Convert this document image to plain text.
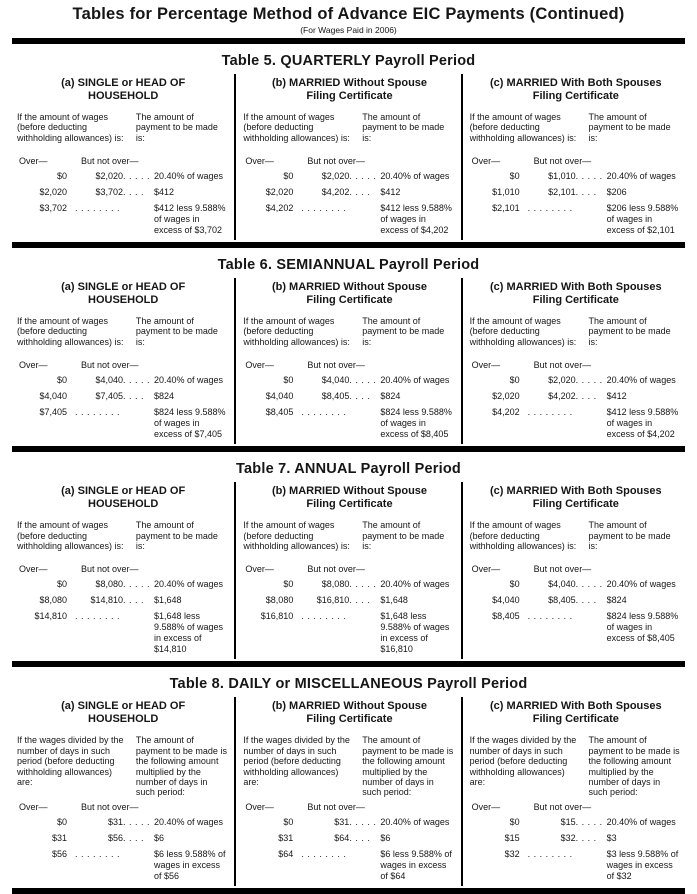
Tables for Percentage Method of Advance EIC Payments (Continued)
(For Wages Paid in 2006)
Table 5. QUARTERLY Payroll Period
(a) SINGLE or HEAD OF
HOUSEHOLD
If the amount of wages (before deducting withholding allowances) is:
The amount of payment to be made is:
Over—	But not over—
$0	$2,020. . . . . 20.40% of wages
$2,020	$3,702. . . .	$412
$3,702 . . . . . . . .	$412 less 9.588% of wages in excess of $3,702
(b) MARRIED Without Spouse
Filing Certificate
If the amount of wages (before deducting withholding allowances) is:
The amount of payment to be made is:
Over—	But not over—
$0	$2,020. . . . . 20.40% of wages
$2,020	$4,202. . . .	$412
$4,202 . . . . . . . .	$412 less 9.588% of wages in excess of $4,202
(c) MARRIED With Both Spouses
Filing Certificate
If the amount of wages (before deducting withholding allowances) is:
The amount of payment to be made is:
Over—	But not over—
$0	$1,010. . . . . 20.40% of wages
$1,010	$2,101. . . .	$206
$2,101 . . . . . . . .	$206 less 9.588% of wages in excess of $2,101
Table 6. SEMIANNUAL Payroll Period
(a) SINGLE or HEAD OF
HOUSEHOLD
If the amount of wages (before deducting withholding allowances) is:
The amount of payment to be made is:
Over—	But not over—
$0	$4,040. . . . . 20.40% of wages
$4,040	$7,405. . . .	$824
$7,405 . . . . . . . .	$824 less 9.588% of wages in excess of $7,405
(b) MARRIED Without Spouse
Filing Certificate
If the amount of wages (before deducting withholding allowances) is:
The amount of payment to be made is:
Over—	But not over—
$0	$4,040. . . . . 20.40% of wages
$4,040	$8,405. . . .	$824
$8,405 . . . . . . . .	$824 less 9.588% of wages in excess of $8,405
(c) MARRIED With Both Spouses
Filing Certificate
If the amount of wages (before deducting withholding allowances) is:
The amount of payment to be made is:
Over—	But not over—
$0	$2,020. . . . . 20.40% of wages
$2,020	$4,202. . . .	$412
$4,202 . . . . . . . .	$412 less 9.588% of wages in excess of $4,202
Table 7. ANNUAL Payroll Period
(a) SINGLE or HEAD OF
HOUSEHOLD
If the amount of wages (before deducting withholding allowances) is:
The amount of payment to be made is:
Over—	But not over—
$0	$8,080. . . . . 20.40% of wages
$8,080	$14,810. . . .	$1,648
$14,810 . . . . . . . .	$1,648 less 9.588% of wages in excess of $14,810
(b) MARRIED Without Spouse
Filing Certificate
If the amount of wages (before deducting withholding allowances) is:
The amount of payment to be made is:
Over—	But not over—
$0	$8,080. . . . . 20.40% of wages
$8,080	$16,810. . . .	$1,648
$16,810 . . . . . . . .	$1,648 less 9.588% of wages in excess of $16,810
(c) MARRIED With Both Spouses
Filing Certificate
If the amount of wages (before deducting withholding allowances) is:
The amount of payment to be made is:
Over—	But not over—
$0	$4,040. . . . . 20.40% of wages
$4,040	$8,405. . . .	$824
$8,405 . . . . . . . .	$824 less 9.588% of wages in excess of $8,405
Table 8. DAILY or MISCELLANEOUS Payroll Period
(a) SINGLE or HEAD OF
HOUSEHOLD
If the wages divided by the number of days in such period (before deducting withholding allowances) are:
The amount of payment to be made is the following amount multiplied by the number of days in such period:
Over—	But not over—
$0	$31. . . . . 20.40% of wages
$31	$56. . . .	$6
$56 . . . . . . . .	$6 less 9.588% of wages in excess of $56
(b) MARRIED Without Spouse
Filing Certificate
If the wages divided by the number of days in such period (before deducting withholding allowances) are:
The amount of payment to be made is the following amount multiplied by the number of days in such period:
Over—	But not over—
$0	$31. . . . . 20.40% of wages
$31	$64. . . .	$6
$64 . . . . . . . .	$6 less 9.588% of wages in excess of $64
(c) MARRIED With Both Spouses
Filing Certificate
If the wages divided by the number of days in such period (before deducting withholding allowances) are:
The amount of payment to be made is the following amount multiplied by the number of days in such period:
Over—	But not over—
$0	$15. . . . . 20.40% of wages
$15	$32. . . .	$3
$32 . . . . . . . .	$3 less 9.588% of wages in excess of $32
